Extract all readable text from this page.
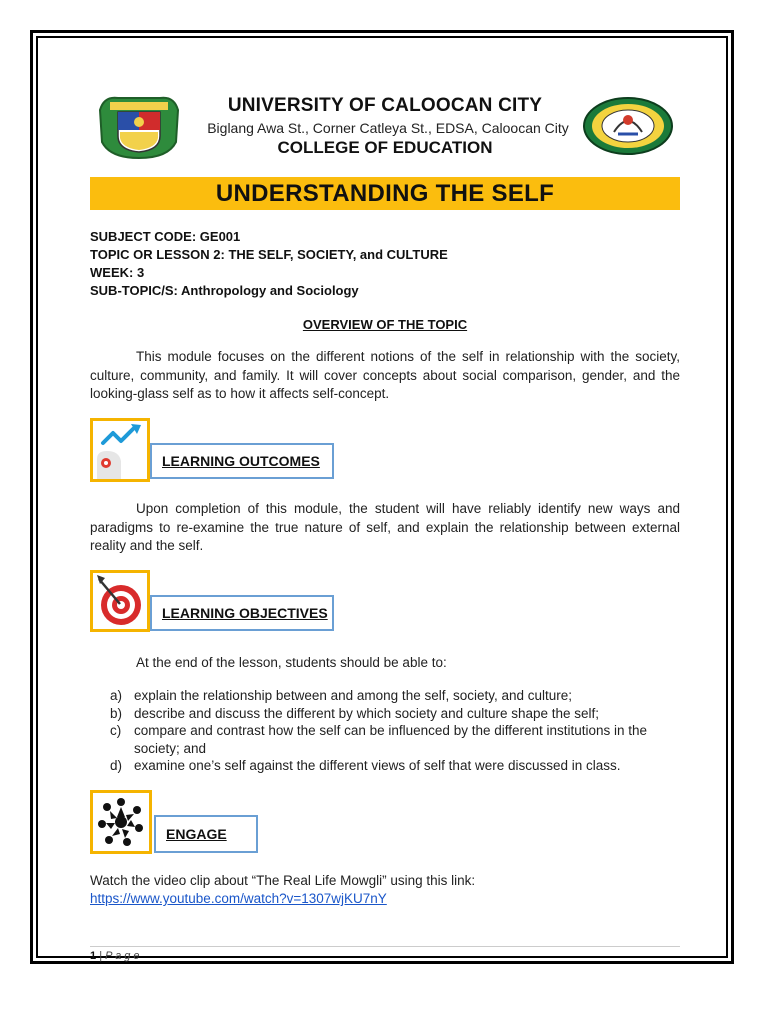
UNIVERSITY OF CALOOCAN CITY
Biglang Awa St., Corner Catleya St., EDSA, Caloocan City
COLLEGE OF EDUCATION
UNDERSTANDING THE SELF
SUBJECT CODE: GE001
TOPIC OR LESSON 2: THE SELF, SOCIETY, and CULTURE
WEEK: 3
SUB-TOPIC/S: Anthropology and Sociology
OVERVIEW OF THE TOPIC
This module focuses on the different notions of the self in relationship with the society, culture, community, and family. It will cover concepts about social comparison, gender, and the looking-glass self as to how it affects self-concept.
LEARNING OUTCOMES
Upon completion of this module, the student will have reliably identify new ways and paradigms to re-examine the true nature of self, and explain the relationship between external reality and the self.
LEARNING OBJECTIVES
At the end of the lesson, students should be able to:
a) explain the relationship between and among the self, society, and culture;
b) describe and discuss the different by which society and culture shape the self;
c) compare and contrast how the self can be influenced by the different institutions in the society; and
d) examine one’s self against the different views of self that were discussed in class.
ENGAGE
Watch the video clip about “The Real Life Mowgli” using this link:
https://www.youtube.com/watch?v=1307wjKU7nY
1 | P a g e
